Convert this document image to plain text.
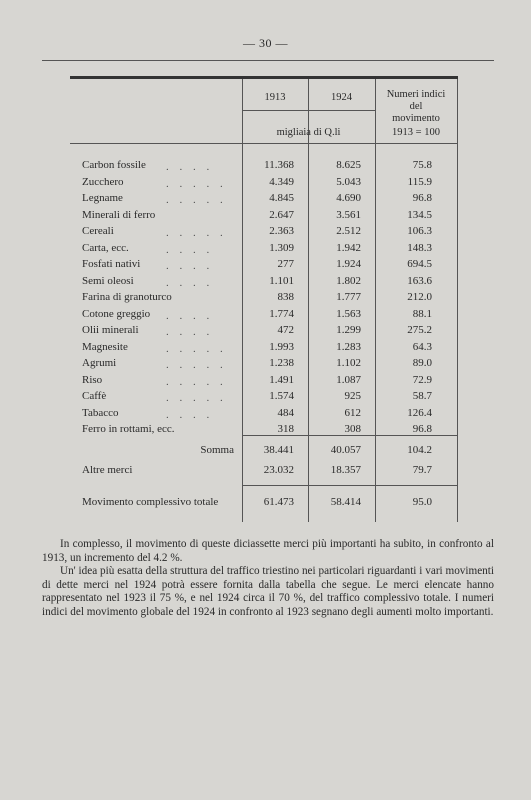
— 30 —
1913	1924
migliaia di Q.li
Numeri indici
del
movimento
1913 = 100
Carbon fossile	11.368	8.625	75.8
Zucchero	4.349	5.043	115.9
Legname	4.845	4.690	96.8
Minerali di ferro	2.647	3.561	134.5
Cereali	2.363	2.512	106.3
Carta, ecc.	1.309	1.942	148.3
Fosfati nativi	277	1.924	694.5
Semi oleosi	1.101	1.802	163.6
Farina di granoturco	838	1.777	212.0
Cotone greggio	1.774	1.563	88.1
Olii minerali	472	1.299	275.2
Magnesite	1.993	1.283	64.3
Agrumi	1.238	1.102	89.0
Riso	1.491	1.087	72.9
Caffè	1.574	925	58.7
Tabacco	484	612	126.4
Ferro in rottami, ecc.	318	308	96.8
. . . .
. . . . .
. . . . .

. . . . .
. . . .
. . . .
. . . .

. . . .
. . . .
. . . . .
. . . . .
. . . . .
. . . . .
. . . .

Somma	38.441	40.057	104.2
Altre merci	23.032	18.357	79.7
Movimento complessivo totale	61.473	58.414	95.0

In complesso, il movimento di queste diciassette merci più importanti ha subito, in confronto al 1913, un incremento del 4.2 %.

Un' idea più esatta della struttura del traffico triestino nei particolari riguardanti i vari movimenti di dette merci nel 1924 potrà essere fornita dalla tabella che segue. Le merci elencate hanno rappresentato nel 1923 il 75 %, e nel 1924 circa il 70 %, del traffico complessivo totale. I numeri indici del movimento globale del 1924 in confronto al 1923 segnano degli aumenti molto importanti.
